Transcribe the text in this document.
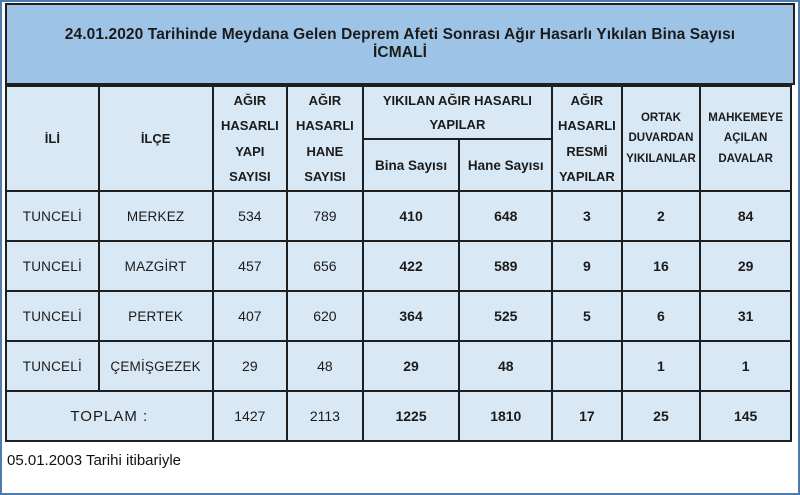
24.01.2020 Tarihinde Meydana Gelen Deprem Afeti Sonrası Ağır Hasarlı Yıkılan Bina Sayısı İCMALİ
İLİ	İLÇE	AĞIR HASARLI YAPI SAYISI	AĞIR HASARLI HANE SAYISI	YIKILAN AĞIR HASARLI YAPILAR		AĞIR HASARLI RESMİ YAPILAR	ORTAK DUVARDAN YIKILANLAR	MAHKEMEYE AÇILAN DAVALAR
				Bina Sayısı	Hane Sayısı			
TUNCELİ	MERKEZ	534	789	410	648	3	2	84
TUNCELİ	MAZGİRT	457	656	422	589	9	16	29
TUNCELİ	PERTEK	407	620	364	525	5	6	31
TUNCELİ	ÇEMİŞGEZEK	29	48	29	48		1	1
TOPLAM :		1427	2113	1225	1810	17	25	145
05.01.2003 Tarihi itibariyle
